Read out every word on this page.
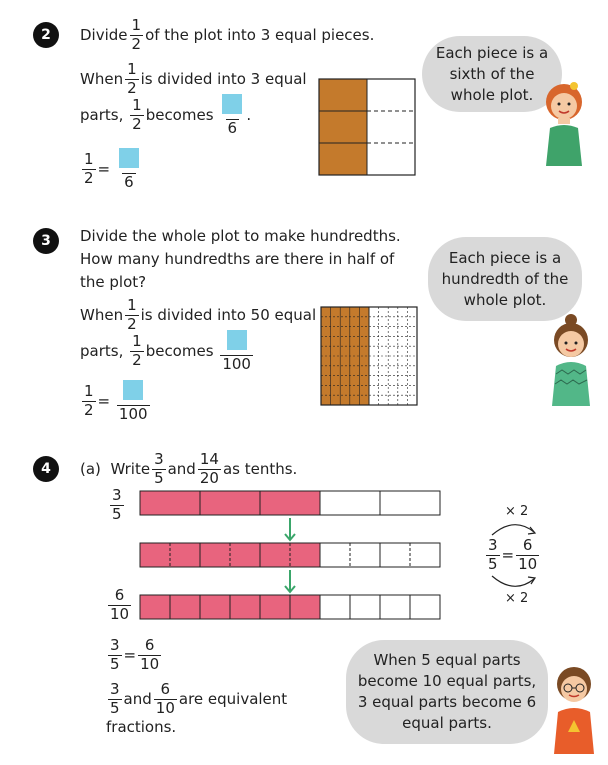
2	Divide $\frac{1}{2}$ of the plot into 3 equal pieces.
When $\frac{1}{2}$ is divided into 3 equal
parts,
$\frac{1}{2}$ becomes

6
.
$\frac{1}{2}$ =

6
Each piece is a sixth of the whole plot.
3	Divide the whole plot to make hundredths.
How many hundredths are there in half of
the plot?
When $\frac{1}{2}$ is divided into 50 equal
parts,
$\frac{1}{2}$ becomes

100
$\frac{1}{2}$ =

100
Each piece is a hundredth of the whole plot.
4	(a)
Write $\frac{3}{5}$ and $\frac{14}{20}$ as tenths.
$\frac{3}{5}$
$\frac{6}{10}$
× 2
$\frac{3}{5} = \frac{6}{10}$
× 2
$\frac{3}{5} = \frac{6}{10}$
$\frac{3}{5}$ and $\frac{6}{10}$ are equivalent
fractions.
When 5 equal parts become 10 equal parts, 3 equal parts become 6 equal parts.
